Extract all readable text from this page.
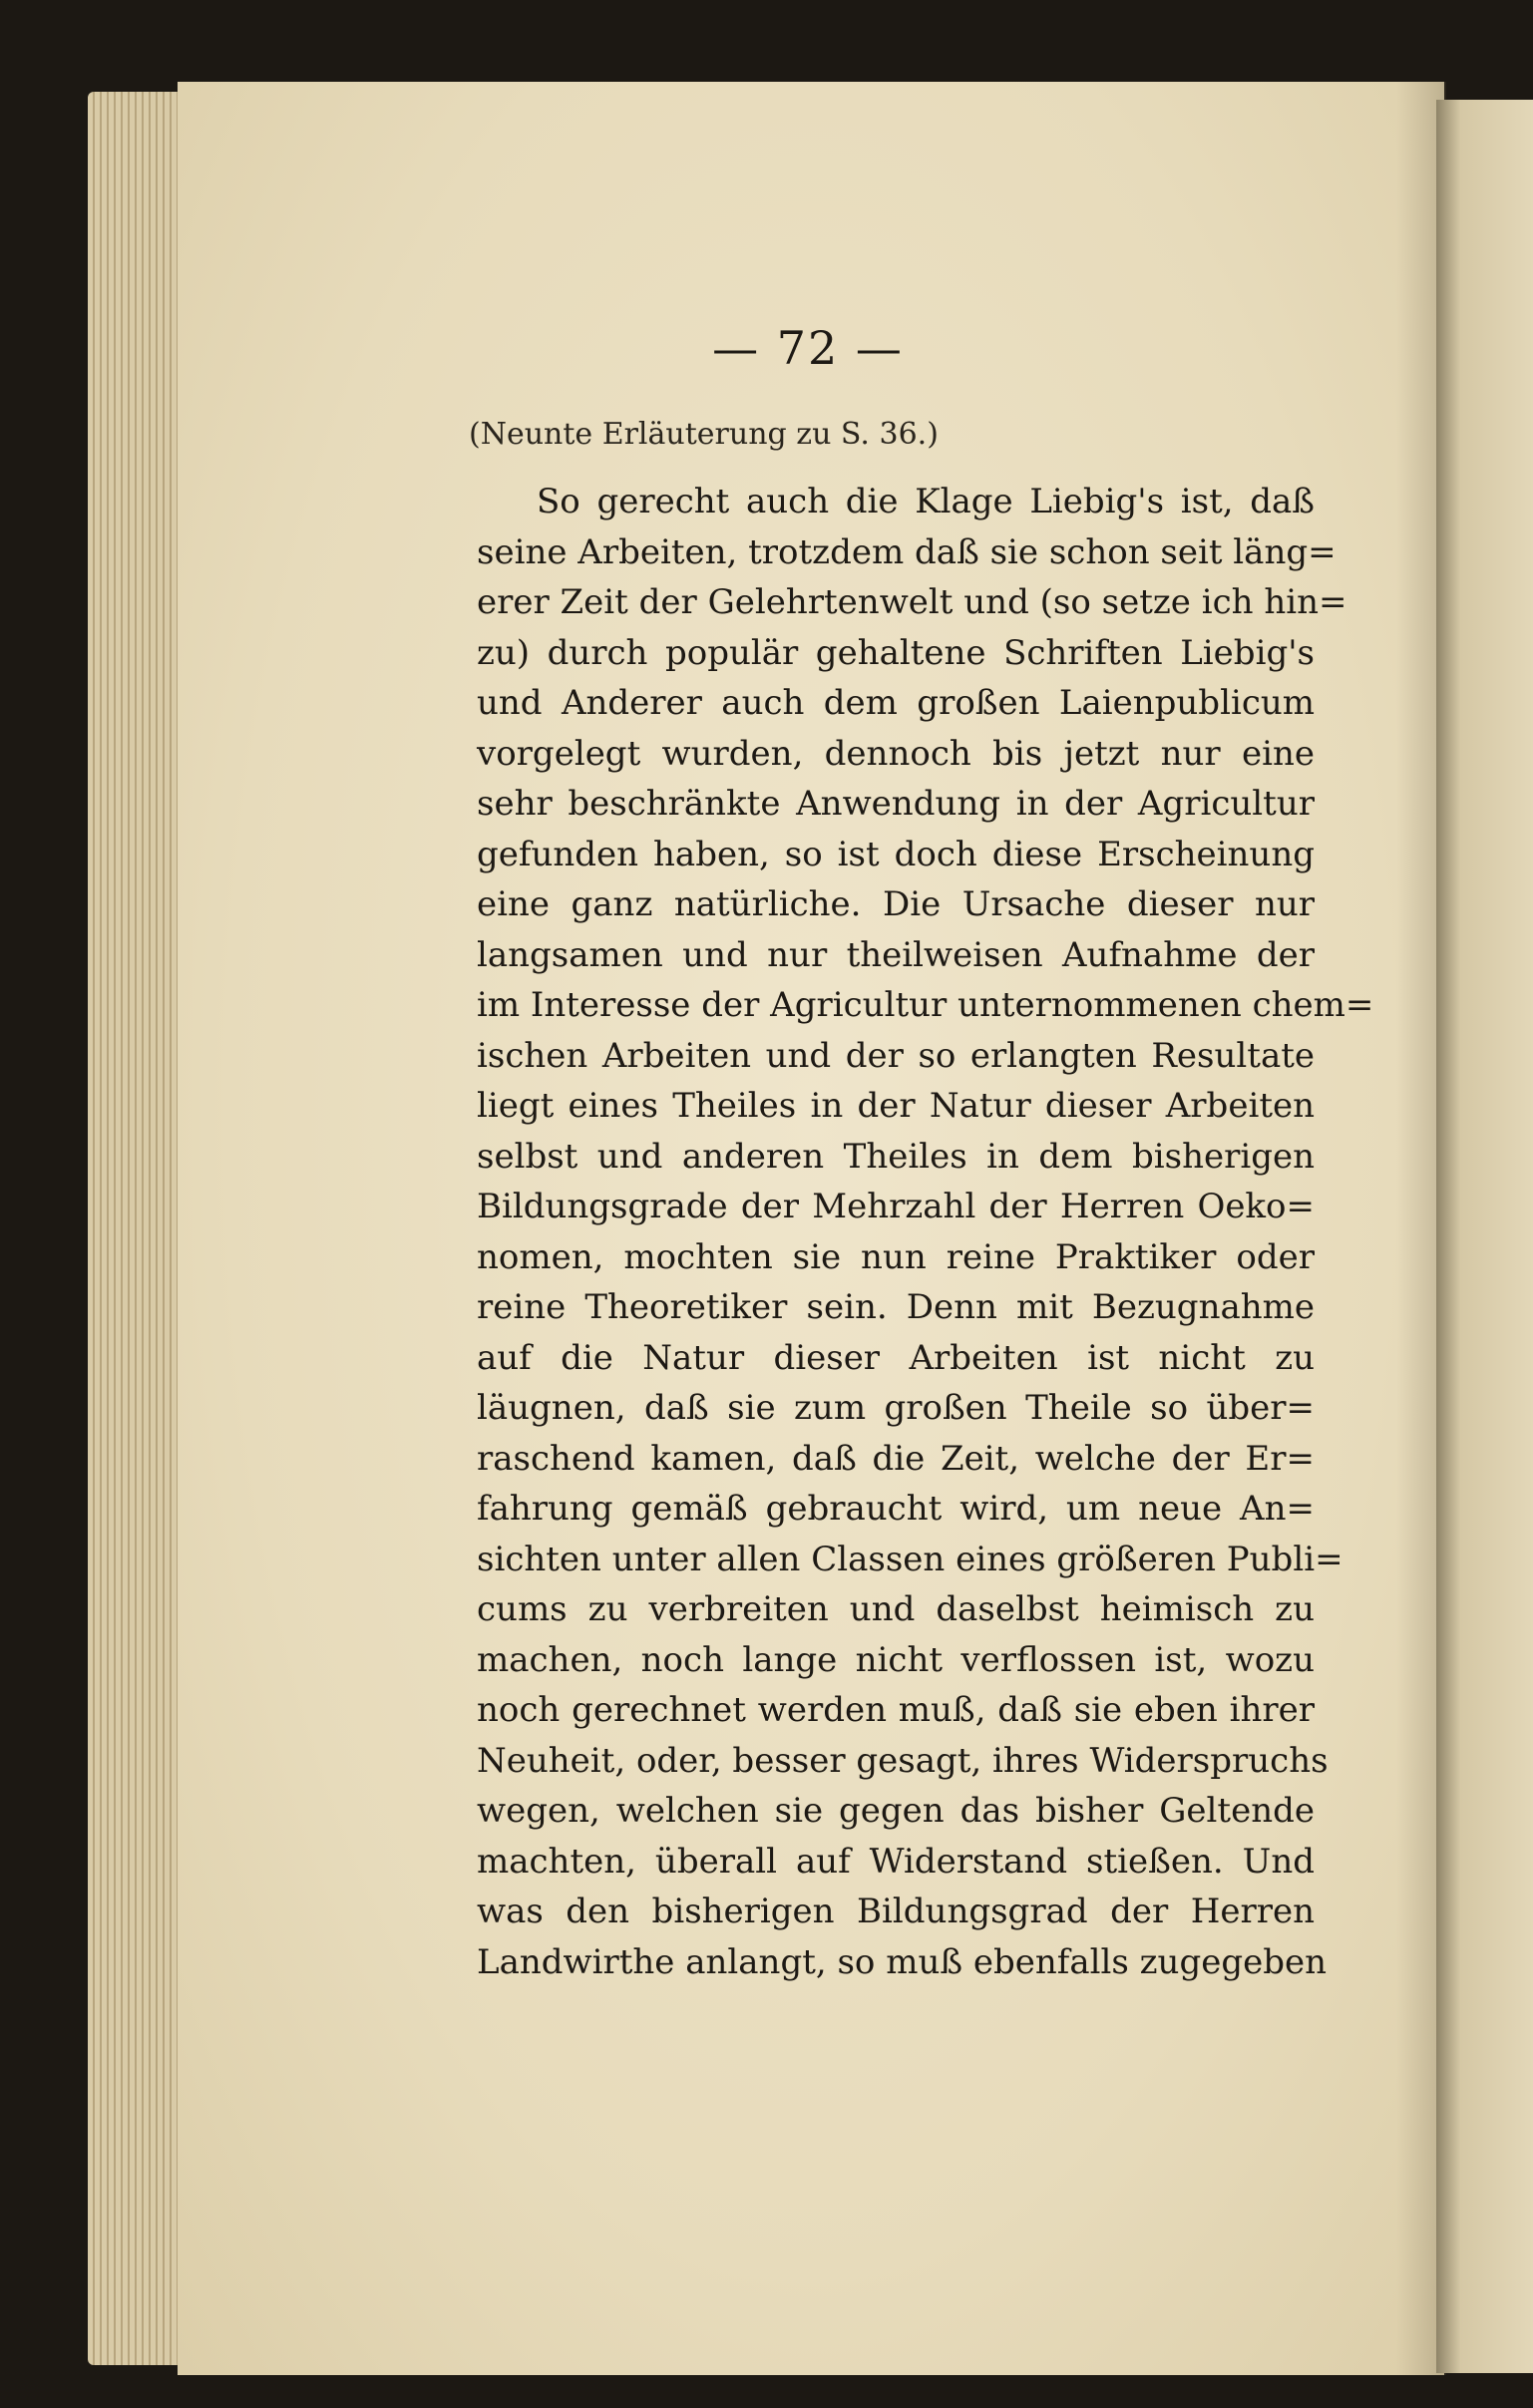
— 72 —
(Neunte Erläuterung zu S. 36.)
So gerecht auch die Klage Liebig's ist, daß
seine Arbeiten, trotzdem daß sie schon seit läng=
erer Zeit der Gelehrtenwelt und (so setze ich hin=
zu) durch populär gehaltene Schriften Liebig's
und Anderer auch dem großen Laienpublicum
vorgelegt wurden, dennoch bis jetzt nur eine
sehr beschränkte Anwendung in der Agricultur
gefunden haben, so ist doch diese Erscheinung
eine ganz natürliche. Die Ursache dieser nur
langsamen und nur theilweisen Aufnahme der
im Interesse der Agricultur unternommenen chem=
ischen Arbeiten und der so erlangten Resultate
liegt eines Theiles in der Natur dieser Arbeiten
selbst und anderen Theiles in dem bisherigen
Bildungsgrade der Mehrzahl der Herren Oeko=
nomen, mochten sie nun reine Praktiker oder
reine Theoretiker sein. Denn mit Bezugnahme
auf die Natur dieser Arbeiten ist nicht zu
läugnen, daß sie zum großen Theile so über=
raschend kamen, daß die Zeit, welche der Er=
fahrung gemäß gebraucht wird, um neue An=
sichten unter allen Classen eines größeren Publi=
cums zu verbreiten und daselbst heimisch zu
machen, noch lange nicht verflossen ist, wozu
noch gerechnet werden muß, daß sie eben ihrer
Neuheit, oder, besser gesagt, ihres Widerspruchs
wegen, welchen sie gegen das bisher Geltende
machten, überall auf Widerstand stießen. Und
was den bisherigen Bildungsgrad der Herren
Landwirthe anlangt, so muß ebenfalls zugegeben
